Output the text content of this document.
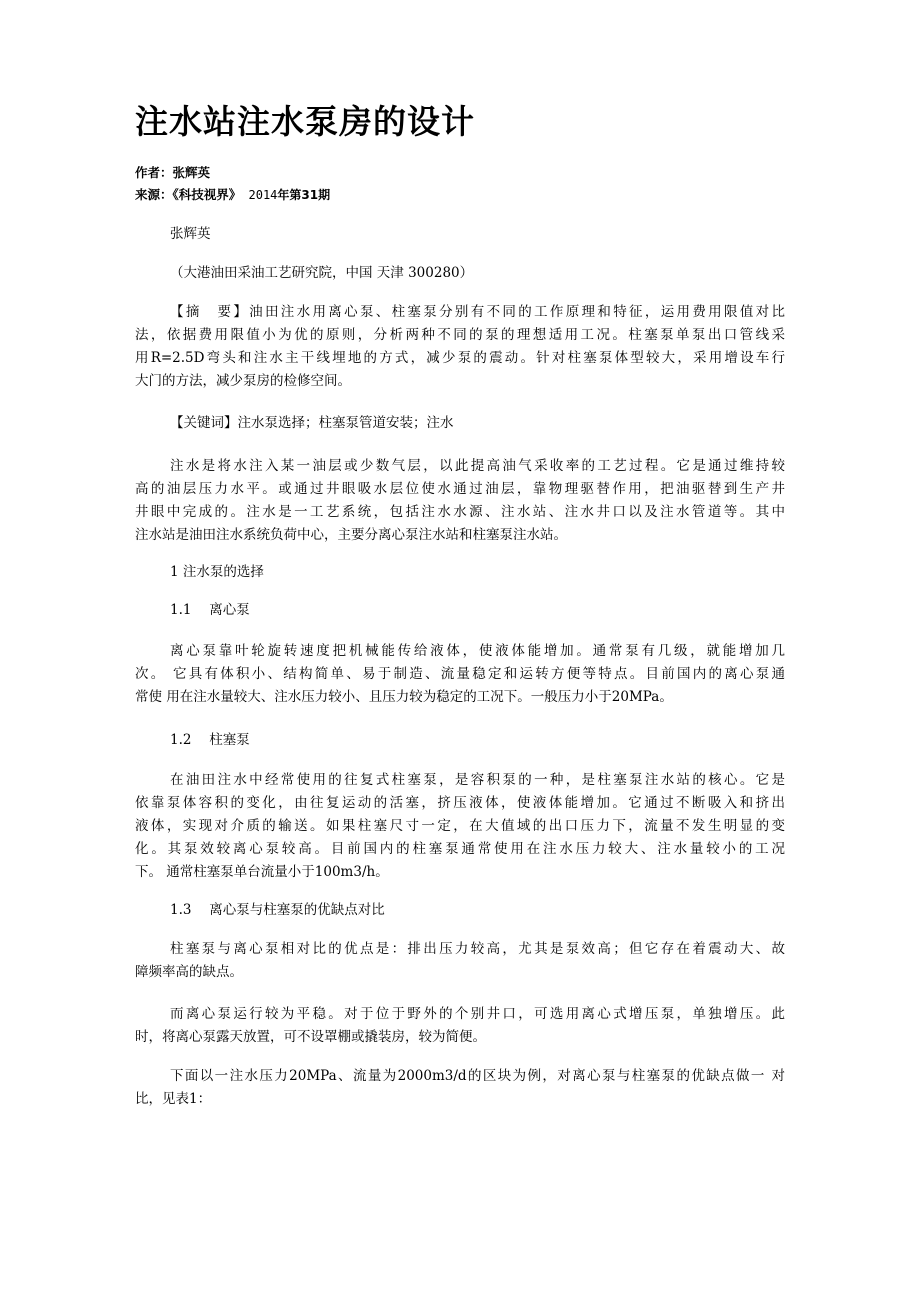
注水站注水泵房的设计
作者：张辉英
来源：《科技视界》 2014年第31期
张辉英
（大港油田采油工艺研究院，中国 天津 300280）
【摘　要】油田注水用离心泵、柱塞泵分别有不同的工作原理和特征，运用费用限值对比
法，依据费用限值小为优的原则，分析两种不同的泵的理想适用工况。柱塞泵单泵出口管线采
用R=2.5D弯头和注水主干线埋地的方式，减少泵的震动。针对柱塞泵体型较大，采用增设车行
大门的方法，减少泵房的检修空间。
【关键词】注水泵选择；柱塞泵管道安装；注水
注水是将水注入某一油层或少数气层，以此提高油气采收率的工艺过程。它是通过维持较
高的油层压力水平。或通过井眼吸水层位使水通过油层，靠物理驱替作用，把油驱替到生产井
井眼中完成的。注水是一工艺系统，包括注水水源、注水站、注水井口以及注水管道等。其中
注水站是油田注水系统负荷中心，主要分离心泵注水站和柱塞泵注水站。
1 注水泵的选择
1.1　 离心泵
离心泵靠叶轮旋转速度把机械能传给液体，使液体能增加。通常泵有几级，就能增加几
次。 它具有体积小、结构简单、易于制造、流量稳定和运转方便等特点。目前国内的离心泵通
常使 用在注水量较大、注水压力较小、且压力较为稳定的工况下。一般压力小于20MPa。
1.2　 柱塞泵
在油田注水中经常使用的往复式柱塞泵，是容积泵的一种，是柱塞泵注水站的核心。它是
依靠泵体容积的变化，由往复运动的活塞，挤压液体，使液体能增加。它通过不断吸入和挤出
液体，实现对介质的输送。如果柱塞尺寸一定，在大值域的出口压力下，流量不发生明显的变
化。其泵效较离心泵较高。目前国内的柱塞泵通常使用在注水压力较大、注水量较小的工况
下。 通常柱塞泵单台流量小于100m3/h。
1.3　 离心泵与柱塞泵的优缺点对比
柱塞泵与离心泵相对比的优点是：排出压力较高，尤其是泵效高；但它存在着震动大、故
障频率高的缺点。
而离心泵运行较为平稳。对于位于野外的个别井口，可选用离心式增压泵，单独增压。此
时，将离心泵露天放置，可不设罩棚或撬装房，较为简便。
下面以一注水压力20MPa、流量为2000m3/d的区块为例，对离心泵与柱塞泵的优缺点做一 对
比，见表1：
